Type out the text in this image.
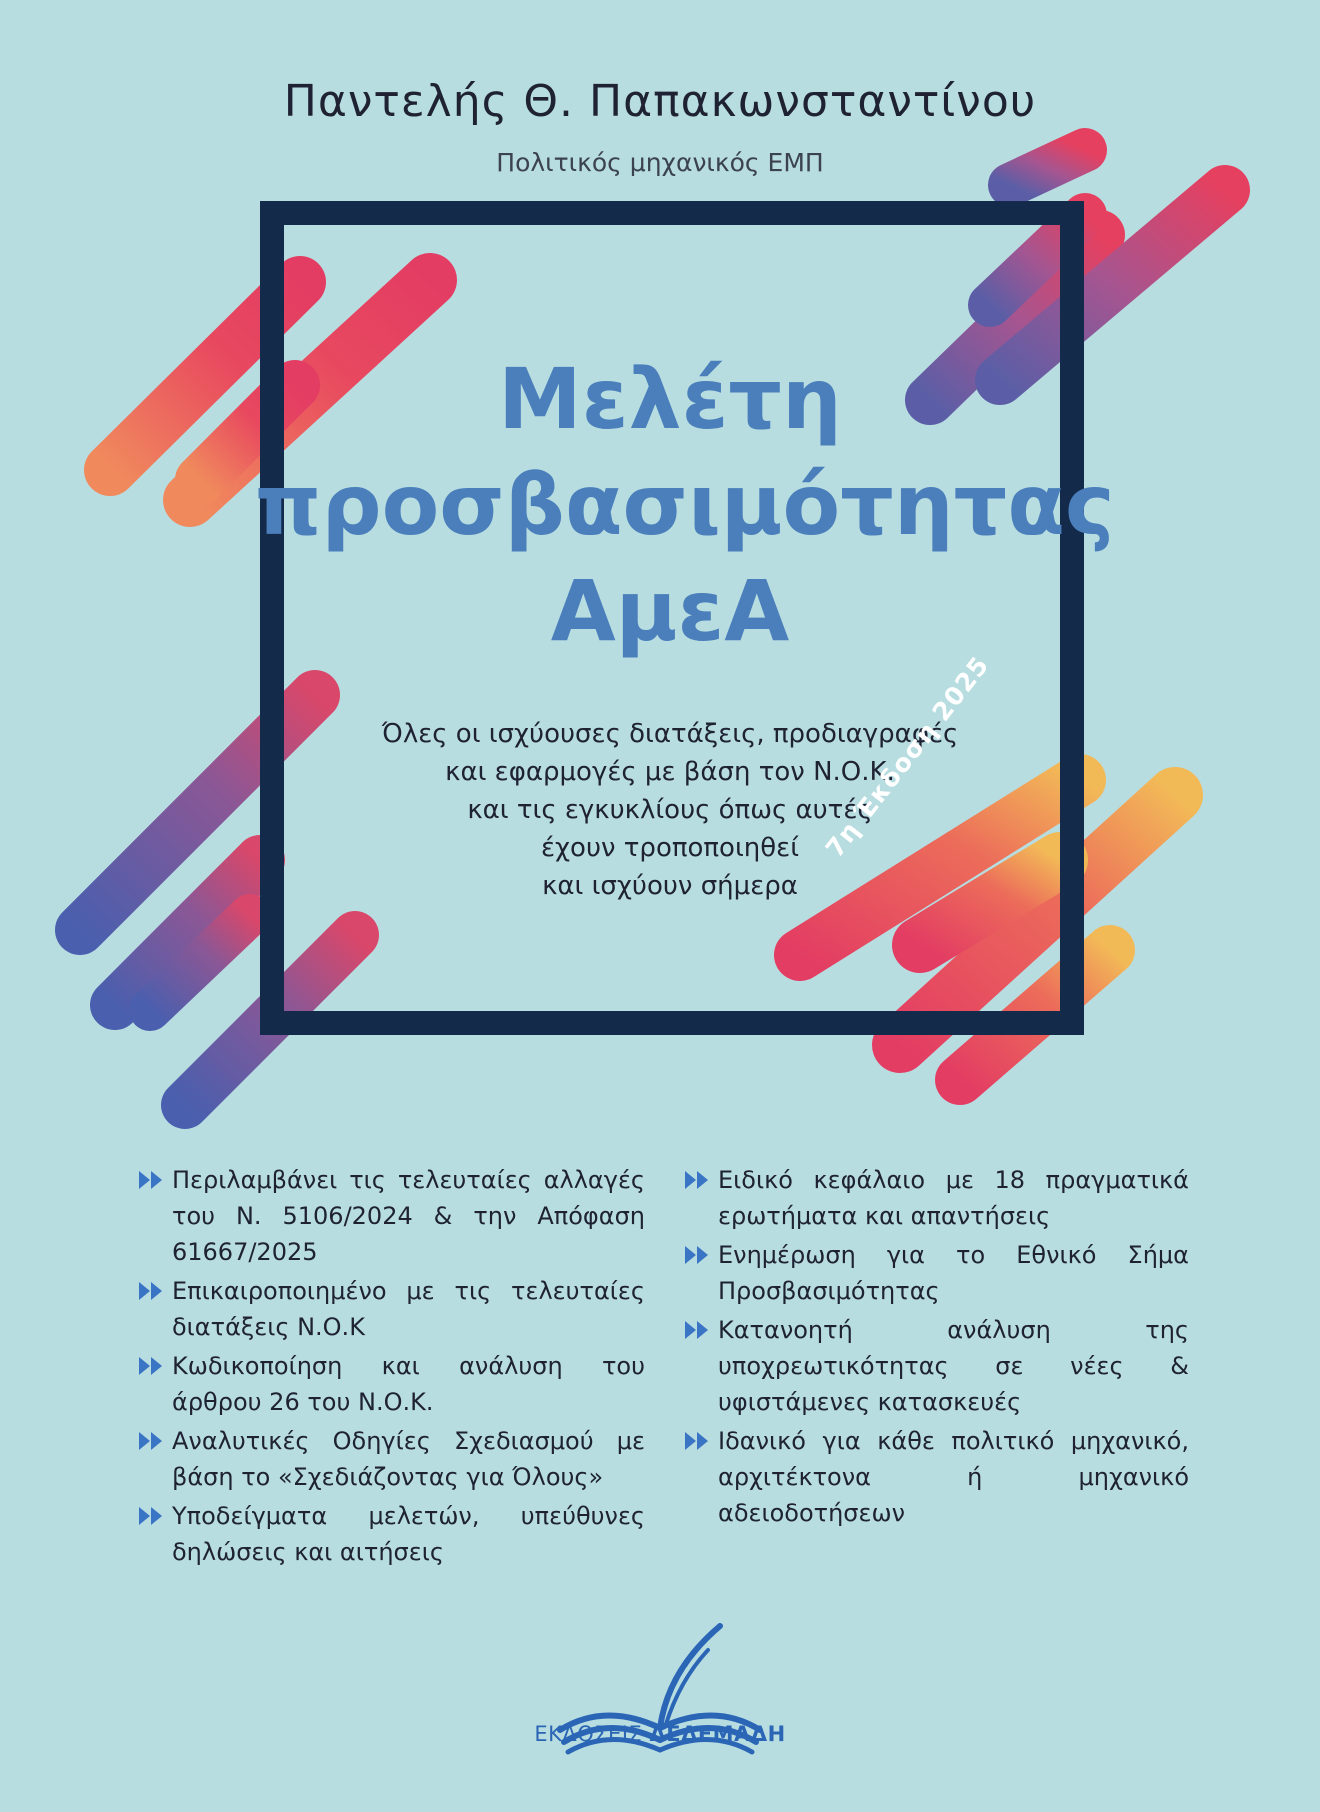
Παντελής Θ. Παπακωνσταντίνου
Πολιτικός μηχανικός ΕΜΠ
Μελέτη
προσβασιμότητας
ΑμεΑ
Όλες οι ισχύουσες διατάξεις, προδιαγραφές
και εφαρμογές με βάση τον Ν.Ο.Κ.
και τις εγκυκλίους όπως αυτές
έχουν τροποποιηθεί
και ισχύουν σήμερα
7η Έκδοση 2025
Περιλαμβάνει τις τελευταίες αλλαγές του Ν. 5106/2024 & την Απόφαση 61667/2025
Επικαιροποιημένο με τις τελευταίες διατάξεις Ν.Ο.Κ
Κωδικοποίηση και ανάλυση του άρθρου 26 του Ν.Ο.Κ.
Αναλυτικές Οδηγίες Σχεδιασμού με βάση το «Σχεδιάζοντας για Όλους»
Υποδείγματα μελετών, υπεύθυνες δηλώσεις και αιτήσεις
Ειδικό κεφάλαιο με 18 πραγματικά ερωτήματα και απαντήσεις
Ενημέρωση για το Εθνικό Σήμα Προσβασιμότητας
Κατανοητή ανάλυση της υποχρεωτικότητας σε νέες & υφιστάμενες κατασκευές
Ιδανικό για κάθε πολιτικό μηχανικό, αρχιτέκτονα ή μηχανικό αδειοδοτήσεων
ΕΚΔΟΣΕΙΣ ΔΕΔΕΜΑΔΗ
